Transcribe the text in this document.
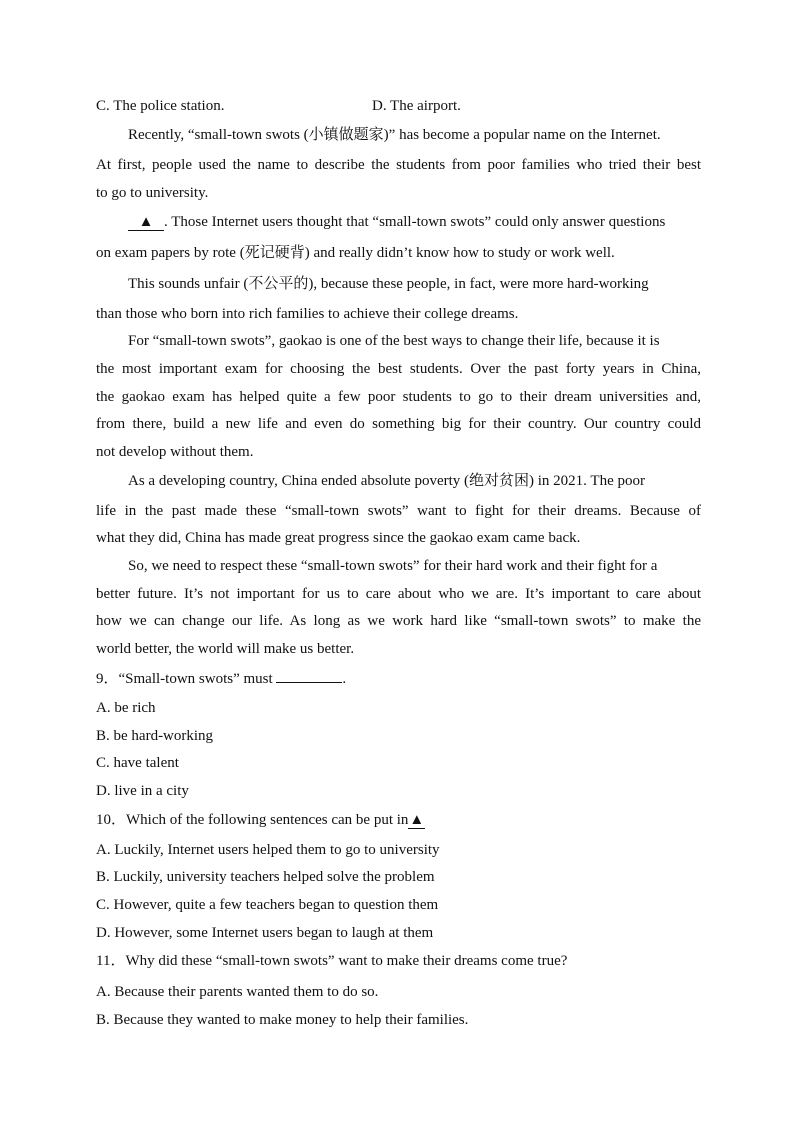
C. The police station.	D. The airport.
Recently, “small-town swots (小镇做题家)” has become a popular name on the Internet.
At first, people used the name to describe the students from poor families who tried their best
to go to university.
▲ . Those Internet users thought that “small-town swots” could only answer questions
on exam papers by rote (死记硬背) and really didn’t know how to study or work well.
This sounds unfair (不公平的), because these people, in fact, were more hard-working
than those who born into rich families to achieve their college dreams.
For “small-town swots”, gaokao is one of the best ways to change their life, because it is
the most important exam for choosing the best students. Over the past forty years in China,
the gaokao exam has helped quite a few poor students to go to their dream universities and,
from there, build a new life and even do something big for their country. Our country could
not develop without them.
As a developing country, China ended absolute poverty (绝对贫困) in 2021. The poor
life in the past made these “small-town swots” want to fight for their dreams. Because of
what they did, China has made great progress since the gaokao exam came back.
So, we need to respect these “small-town swots” for their hard work and their fight for a
better future. It’s not important for us to care about who we are. It’s important to care about
how we can change our life. As long as we work hard like “small-town swots” to make the
world better, the world will make us better.
9．“Small-town swots” must	.
A. be rich
B. be hard-working
C. have talent
D. live in a city
10．Which of the following sentences can be put in▲
A. Luckily, Internet users helped them to go to university
B. Luckily, university teachers helped solve the problem
C. However, quite a few teachers began to question them
D. However, some Internet users began to laugh at them
11．Why did these “small-town swots” want to make their dreams come true?
A. Because their parents wanted them to do so.
B. Because they wanted to make money to help their families.
